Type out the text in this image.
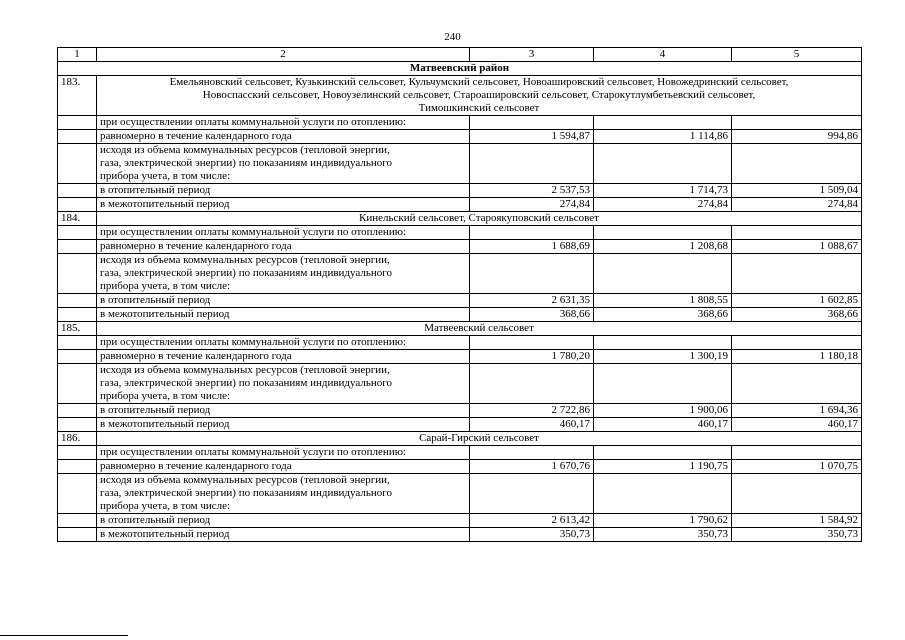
240
1	2	3	4	5
Матвеевский район				
183.	Емельяновский сельсовет, Кузькинский сельсовет, Кульчумский сельсовет, Новоашировский сельсовет, Новожедринский сельсовет,
Новоспасский сельсовет, Новоузелинский сельсовет, Староашировский сельсовет, Старокутлумбетьевский сельсовет,
Тимошкинский сельсовет			
	при осуществлении оплаты коммунальной услуги по отоплению:			
	равномерно в течение календарного года	1 594,87	1 114,86	994,86
	исходя из объема коммунальных ресурсов (тепловой энергии,
газа, электрической энергии) по показаниям индивидуального
прибора учета, в том числе:			
	в отопительный период	2 537,53	1 714,73	1 509,04
	в межотопительный период	274,84	274,84	274,84
184.	Кинельский сельсовет, Староякуповский сельсовет			
	при осуществлении оплаты коммунальной услуги по отоплению:			
	равномерно в течение календарного года	1 688,69	1 208,68	1 088,67
	исходя из объема коммунальных ресурсов (тепловой энергии,
газа, электрической энергии) по показаниям индивидуального
прибора учета, в том числе:			
	в отопительный период	2 631,35	1 808,55	1 602,85
	в межотопительный период	368,66	368,66	368,66
185.	Матвеевский сельсовет			
	при осуществлении оплаты коммунальной услуги по отоплению:			
	равномерно в течение календарного года	1 780,20	1 300,19	1 180,18
	исходя из объема коммунальных ресурсов (тепловой энергии,
газа, электрической энергии) по показаниям индивидуального
прибора учета, в том числе:			
	в отопительный период	2 722,86	1 900,06	1 694,36
	в межотопительный период	460,17	460,17	460,17
186.	Сарай-Гирский сельсовет			
	при осуществлении оплаты коммунальной услуги по отоплению:			
	равномерно в течение календарного года	1 670,76	1 190,75	1 070,75
	исходя из объема коммунальных ресурсов (тепловой энергии,
газа, электрической энергии) по показаниям индивидуального
прибора учета, в том числе:			
	в отопительный период	2 613,42	1 790,62	1 584,92
	в межотопительный период	350,73	350,73	350,73
